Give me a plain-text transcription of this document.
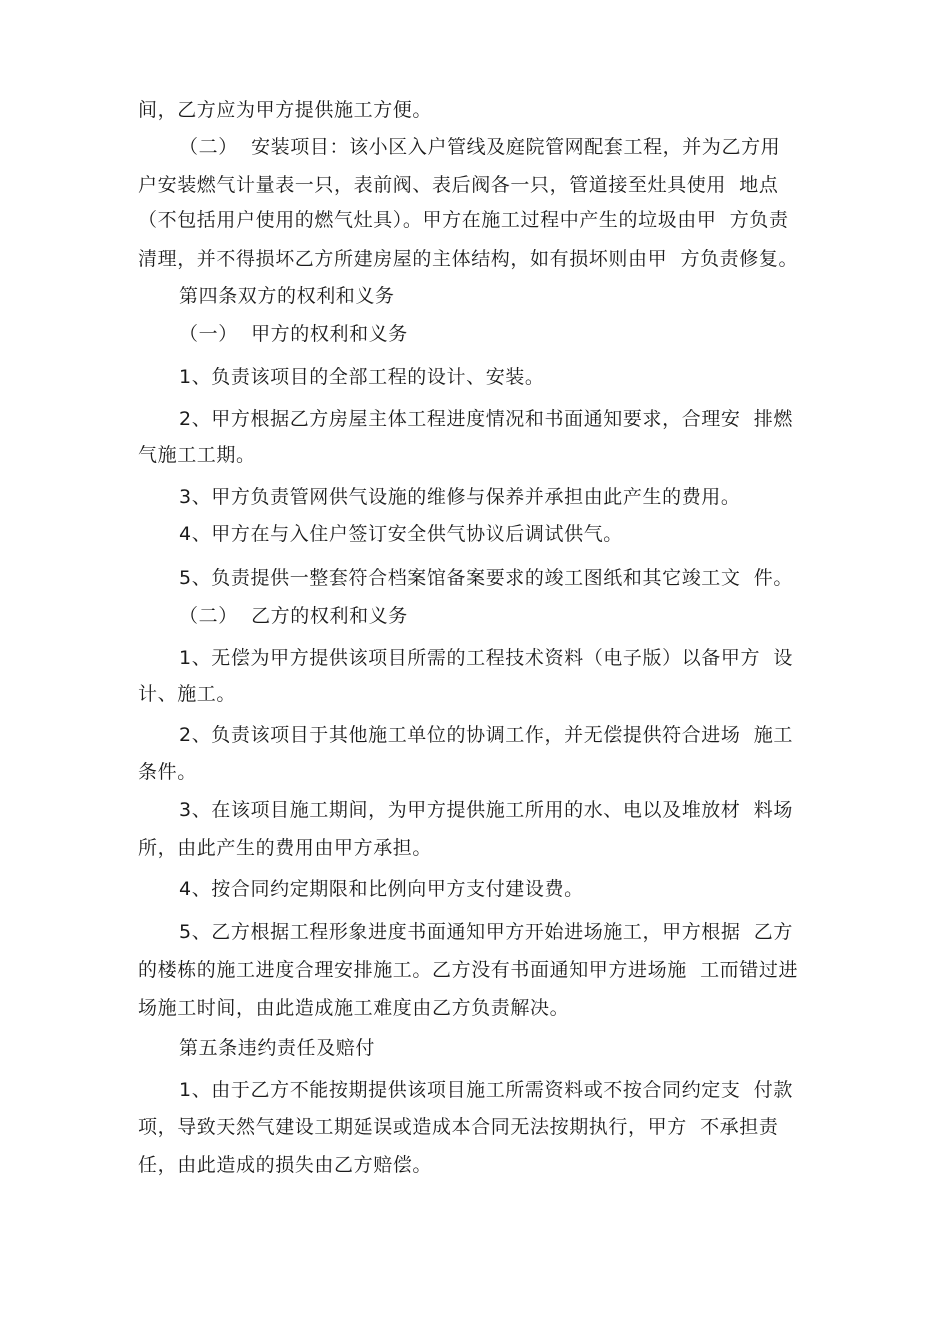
间，乙方应为甲方提供施工方便。

（二）  安装项目：该小区入户管线及庭院管网配套工程，并为乙方用

户安装燃气计量表一只，表前阀、表后阀各一只，管道接至灶具使用  地点

（不包括用户使用的燃气灶具）。甲方在施工过程中产生的垃圾由甲  方负责

清理，并不得损坏乙方所建房屋的主体结构，如有损坏则由甲  方负责修复。

第四条双方的权利和义务

（一）  甲方的权利和义务

1、负责该项目的全部工程的设计、安装。

2、甲方根据乙方房屋主体工程进度情况和书面通知要求，合理安  排燃

气施工工期。

3、甲方负责管网供气设施的维修与保养并承担由此产生的费用。

4、甲方在与入住户签订安全供气协议后调试供气。

5、负责提供一整套符合档案馆备案要求的竣工图纸和其它竣工文  件。

（二）  乙方的权利和义务

1、无偿为甲方提供该项目所需的工程技术资料（电子版）以备甲方  设

计、施工。

2、负责该项目于其他施工单位的协调工作，并无偿提供符合进场  施工

条件。

3、在该项目施工期间，为甲方提供施工所用的水、电以及堆放材  料场

所，由此产生的费用由甲方承担。

4、按合同约定期限和比例向甲方支付建设费。

5、乙方根据工程形象进度书面通知甲方开始进场施工，甲方根据  乙方

的楼栋的施工进度合理安排施工。乙方没有书面通知甲方进场施  工而错过进

场施工时间，由此造成施工难度由乙方负责解决。

第五条违约责任及赔付

1、由于乙方不能按期提供该项目施工所需资料或不按合同约定支  付款

项，导致天然气建设工期延误或造成本合同无法按期执行，甲方  不承担责

任，由此造成的损失由乙方赔偿。
